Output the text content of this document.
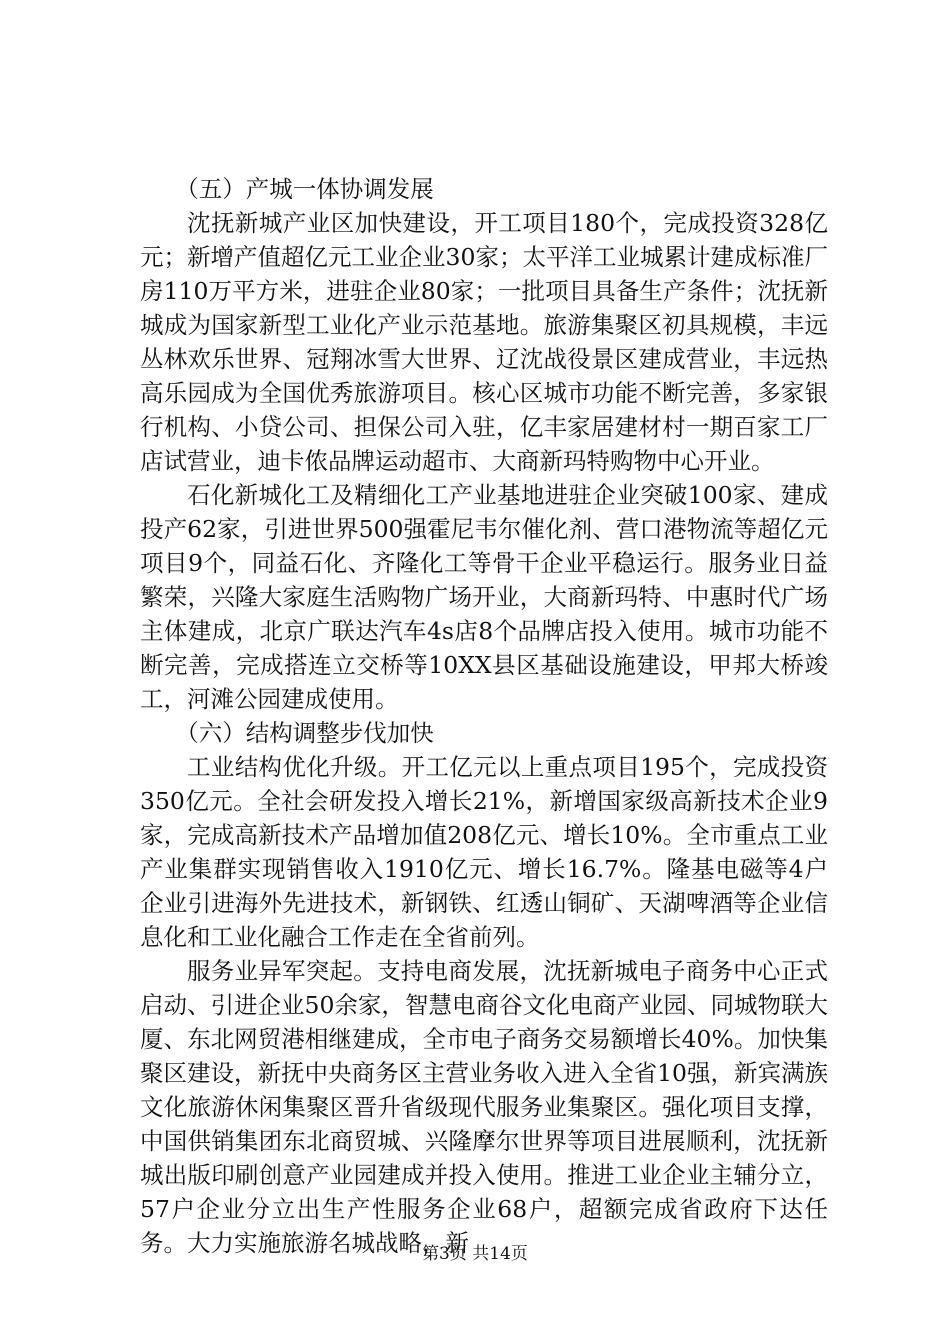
（五）产城一体协调发展

沈抚新城产业区加快建设，开工项目180个，完成投资328亿元；新增产值超亿元工业企业30家；太平洋工业城累计建成标准厂房110万平方米，进驻企业80家；一批项目具备生产条件；沈抚新城成为国家新型工业化产业示范基地。旅游集聚区初具规模，丰远丛林欢乐世界、冠翔冰雪大世界、辽沈战役景区建成营业，丰远热高乐园成为全国优秀旅游项目。核心区城市功能不断完善，多家银行机构、小贷公司、担保公司入驻，亿丰家居建材村一期百家工厂店试营业，迪卡侬品牌运动超市、大商新玛特购物中心开业。

石化新城化工及精细化工产业基地进驻企业突破100家、建成投产62家，引进世界500强霍尼韦尔催化剂、营口港物流等超亿元项目9个，同益石化、齐隆化工等骨干企业平稳运行。服务业日益繁荣，兴隆大家庭生活购物广场开业，大商新玛特、中惠时代广场主体建成，北京广联达汽车4s店8个品牌店投入使用。城市功能不断完善，完成搭连立交桥等10XX县区基础设施建设，甲邦大桥竣工，河滩公园建成使用。

（六）结构调整步伐加快

工业结构优化升级。开工亿元以上重点项目195个，完成投资350亿元。全社会研发投入增长21%，新增国家级高新技术企业9家，完成高新技术产品增加值208亿元、增长10%。全市重点工业产业集群实现销售收入1910亿元、增长16.7%。隆基电磁等4户企业引进海外先进技术，新钢铁、红透山铜矿、天湖啤酒等企业信息化和工业化融合工作走在全省前列。

服务业异军突起。支持电商发展，沈抚新城电子商务中心正式启动、引进企业50余家，智慧电商谷文化电商产业园、同城物联大厦、东北网贸港相继建成，全市电子商务交易额增长40%。加快集聚区建设，新抚中央商务区主营业务收入进入全省10强，新宾满族文化旅游休闲集聚区晋升省级现代服务业集聚区。强化项目支撑，中国供销集团东北商贸城、兴隆摩尔世界等项目进展顺利，沈抚新城出版印刷创意产业园建成并投入使用。推进工业企业主辅分立，57户企业分立出生产性服务企业68户，超额完成省政府下达任务。大力实施旅游名城战略，新

第3页 共14页
